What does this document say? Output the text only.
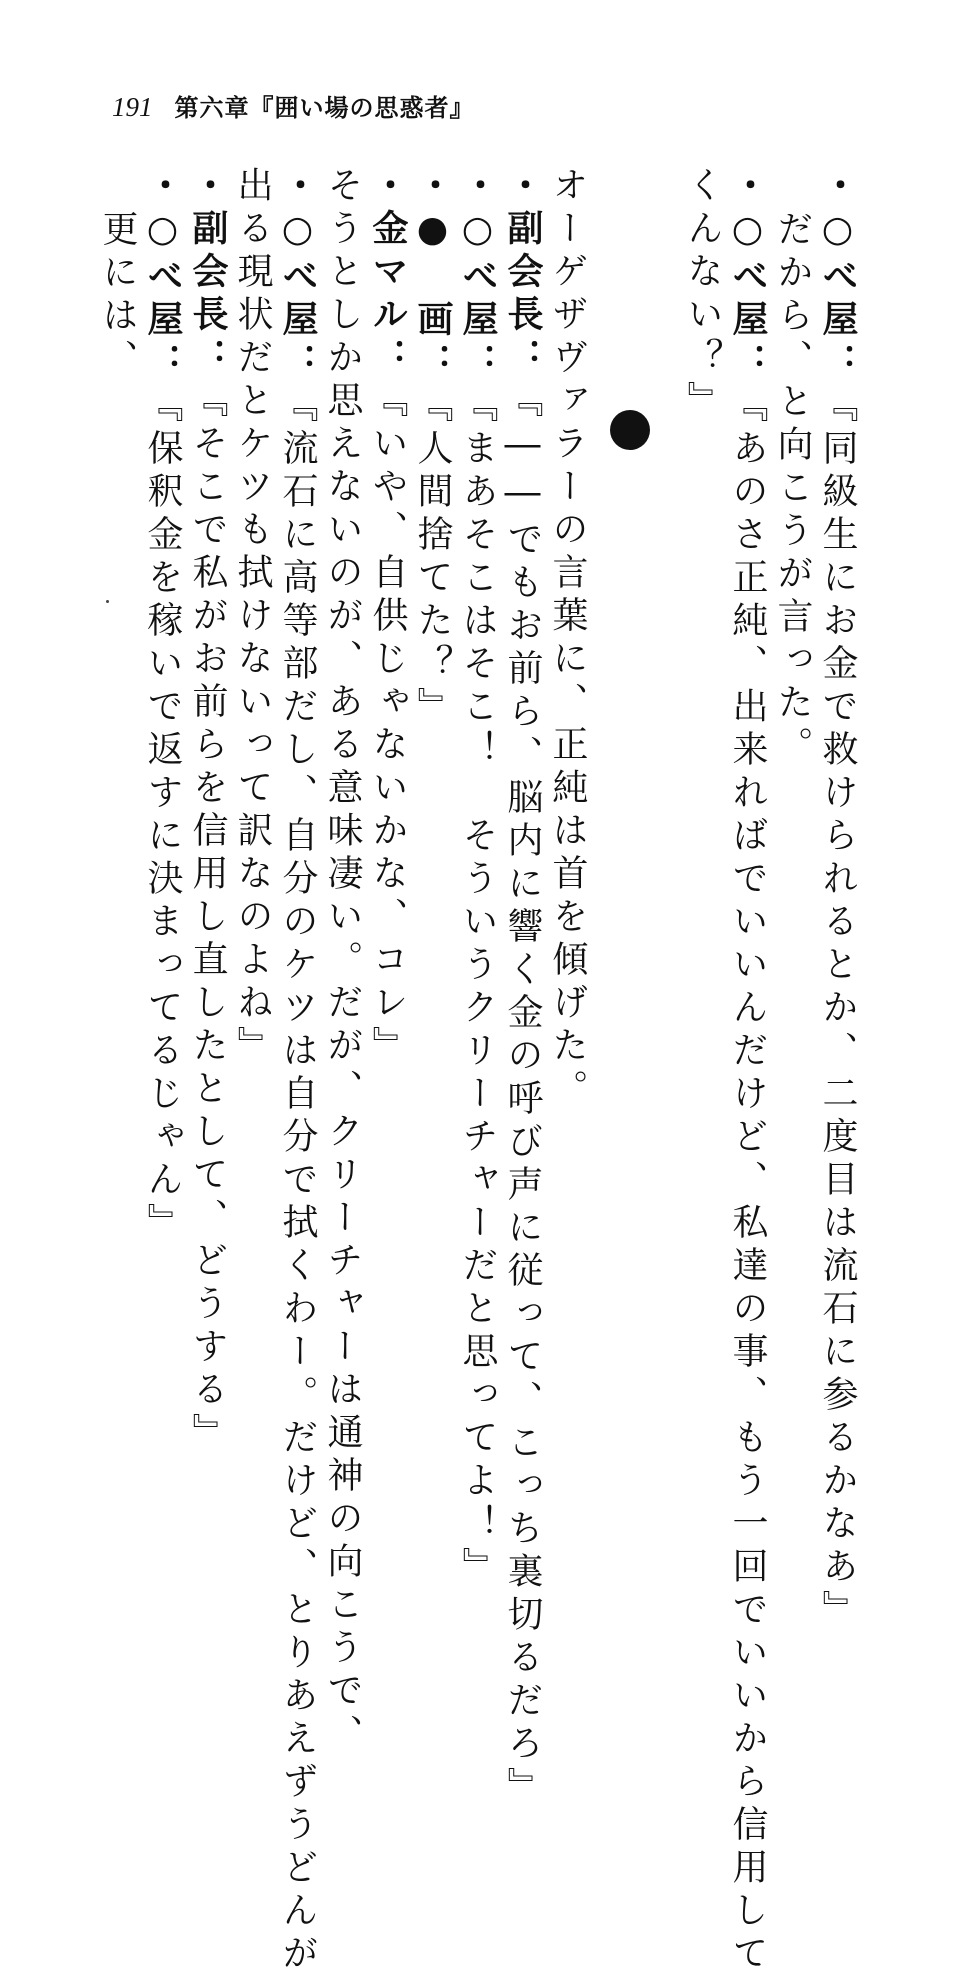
191 第六章『囲い場の思惑者』
・○べ屋：『同級生にお金で救けられるとか、二度目は流石に参るかなあ』
だから、と向こうが言った。
・○べ屋：『あのさ正純、出来ればでいいんだけど、私達の事、もう一回でいいから信用して
くんない？』
オーゲザヴァラーの言葉に、正純は首を傾げた。
・副会長：『――でもお前ら、脳内に響く金の呼び声に従って、こっち裏切るだろ』
・○べ屋：『まあそこはそこ！　そういうクリーチャーだと思ってよ！』
・●　画：『人間捨てた？』
・金マル：『いや、自供じゃないかな、コレ』
そうとしか思えないのが、ある意味凄い。だが、クリーチャーは通神の向こうで、
・○べ屋：『流石に高等部だし、自分のケツは自分で拭くわー。だけど、とりあえずうどんが
出る現状だとケツも拭けないって訳なのよね』
・副会長：『そこで私がお前らを信用し直したとして、どうする』
・○べ屋：『保釈金を稼いで返すに決まってるじゃん』
更には、
